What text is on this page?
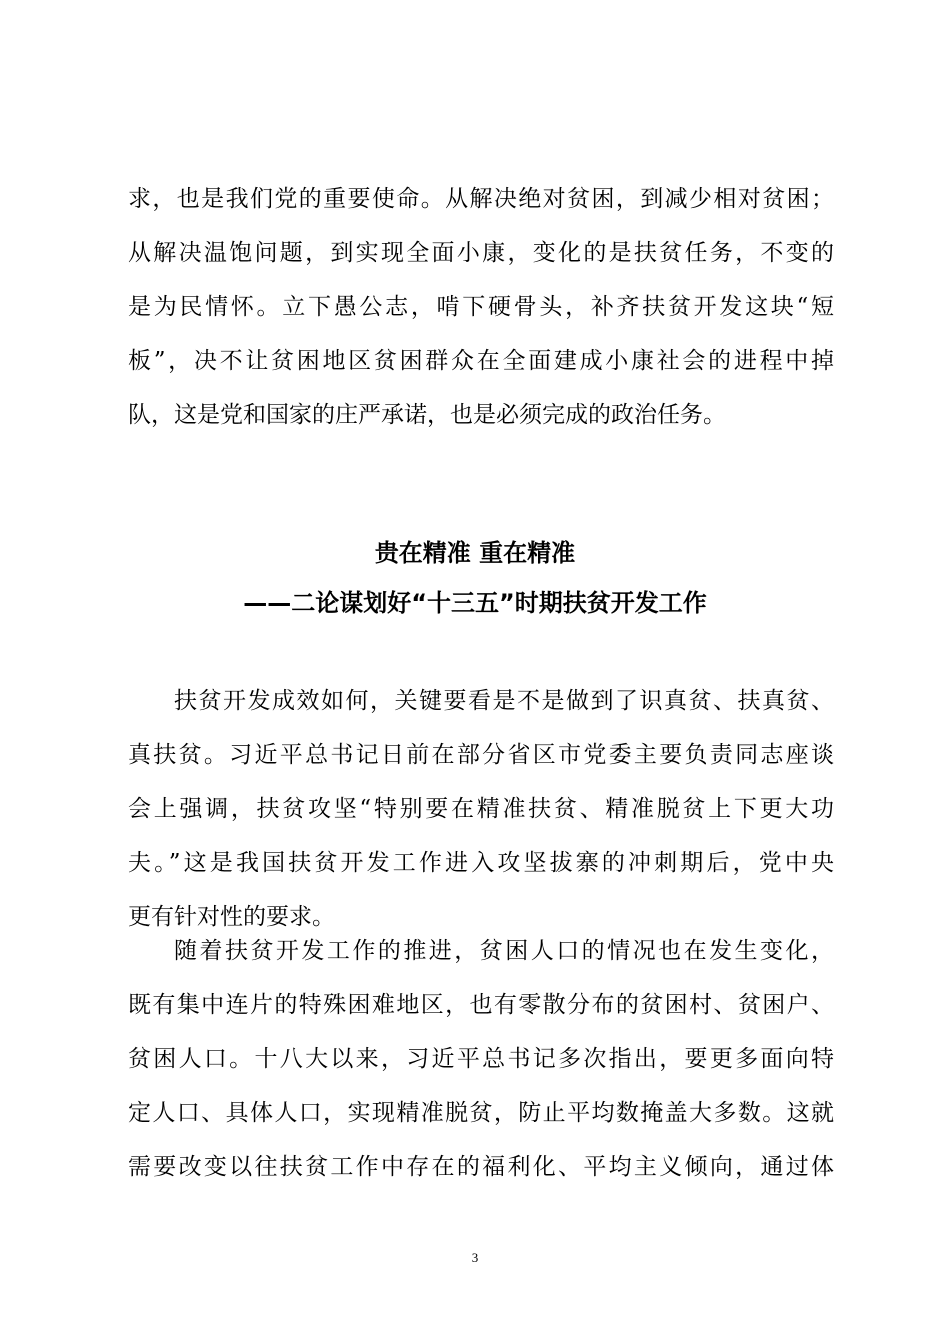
求，也是我们党的重要使命。从解决绝对贫困，到减少相对贫困；
从解决温饱问题，到实现全面小康，变化的是扶贫任务，不变的
是为民情怀。立下愚公志，啃下硬骨头，补齐扶贫开发这块“短
板”，决不让贫困地区贫困群众在全面建成小康社会的进程中掉
队，这是党和国家的庄严承诺，也是必须完成的政治任务。
贵在精准 重在精准
——二论谋划好“十三五”时期扶贫开发工作
扶贫开发成效如何，关键要看是不是做到了识真贫、扶真贫、
真扶贫。习近平总书记日前在部分省区市党委主要负责同志座谈
会上强调，扶贫攻坚“特别要在精准扶贫、精准脱贫上下更大功
夫。”这是我国扶贫开发工作进入攻坚拔寨的冲刺期后，党中央
更有针对性的要求。
随着扶贫开发工作的推进，贫困人口的情况也在发生变化，
既有集中连片的特殊困难地区，也有零散分布的贫困村、贫困户、
贫困人口。十八大以来，习近平总书记多次指出，要更多面向特
定人口、具体人口，实现精准脱贫，防止平均数掩盖大多数。这就
需要改变以往扶贫工作中存在的福利化、平均主义倾向，通过体
3
